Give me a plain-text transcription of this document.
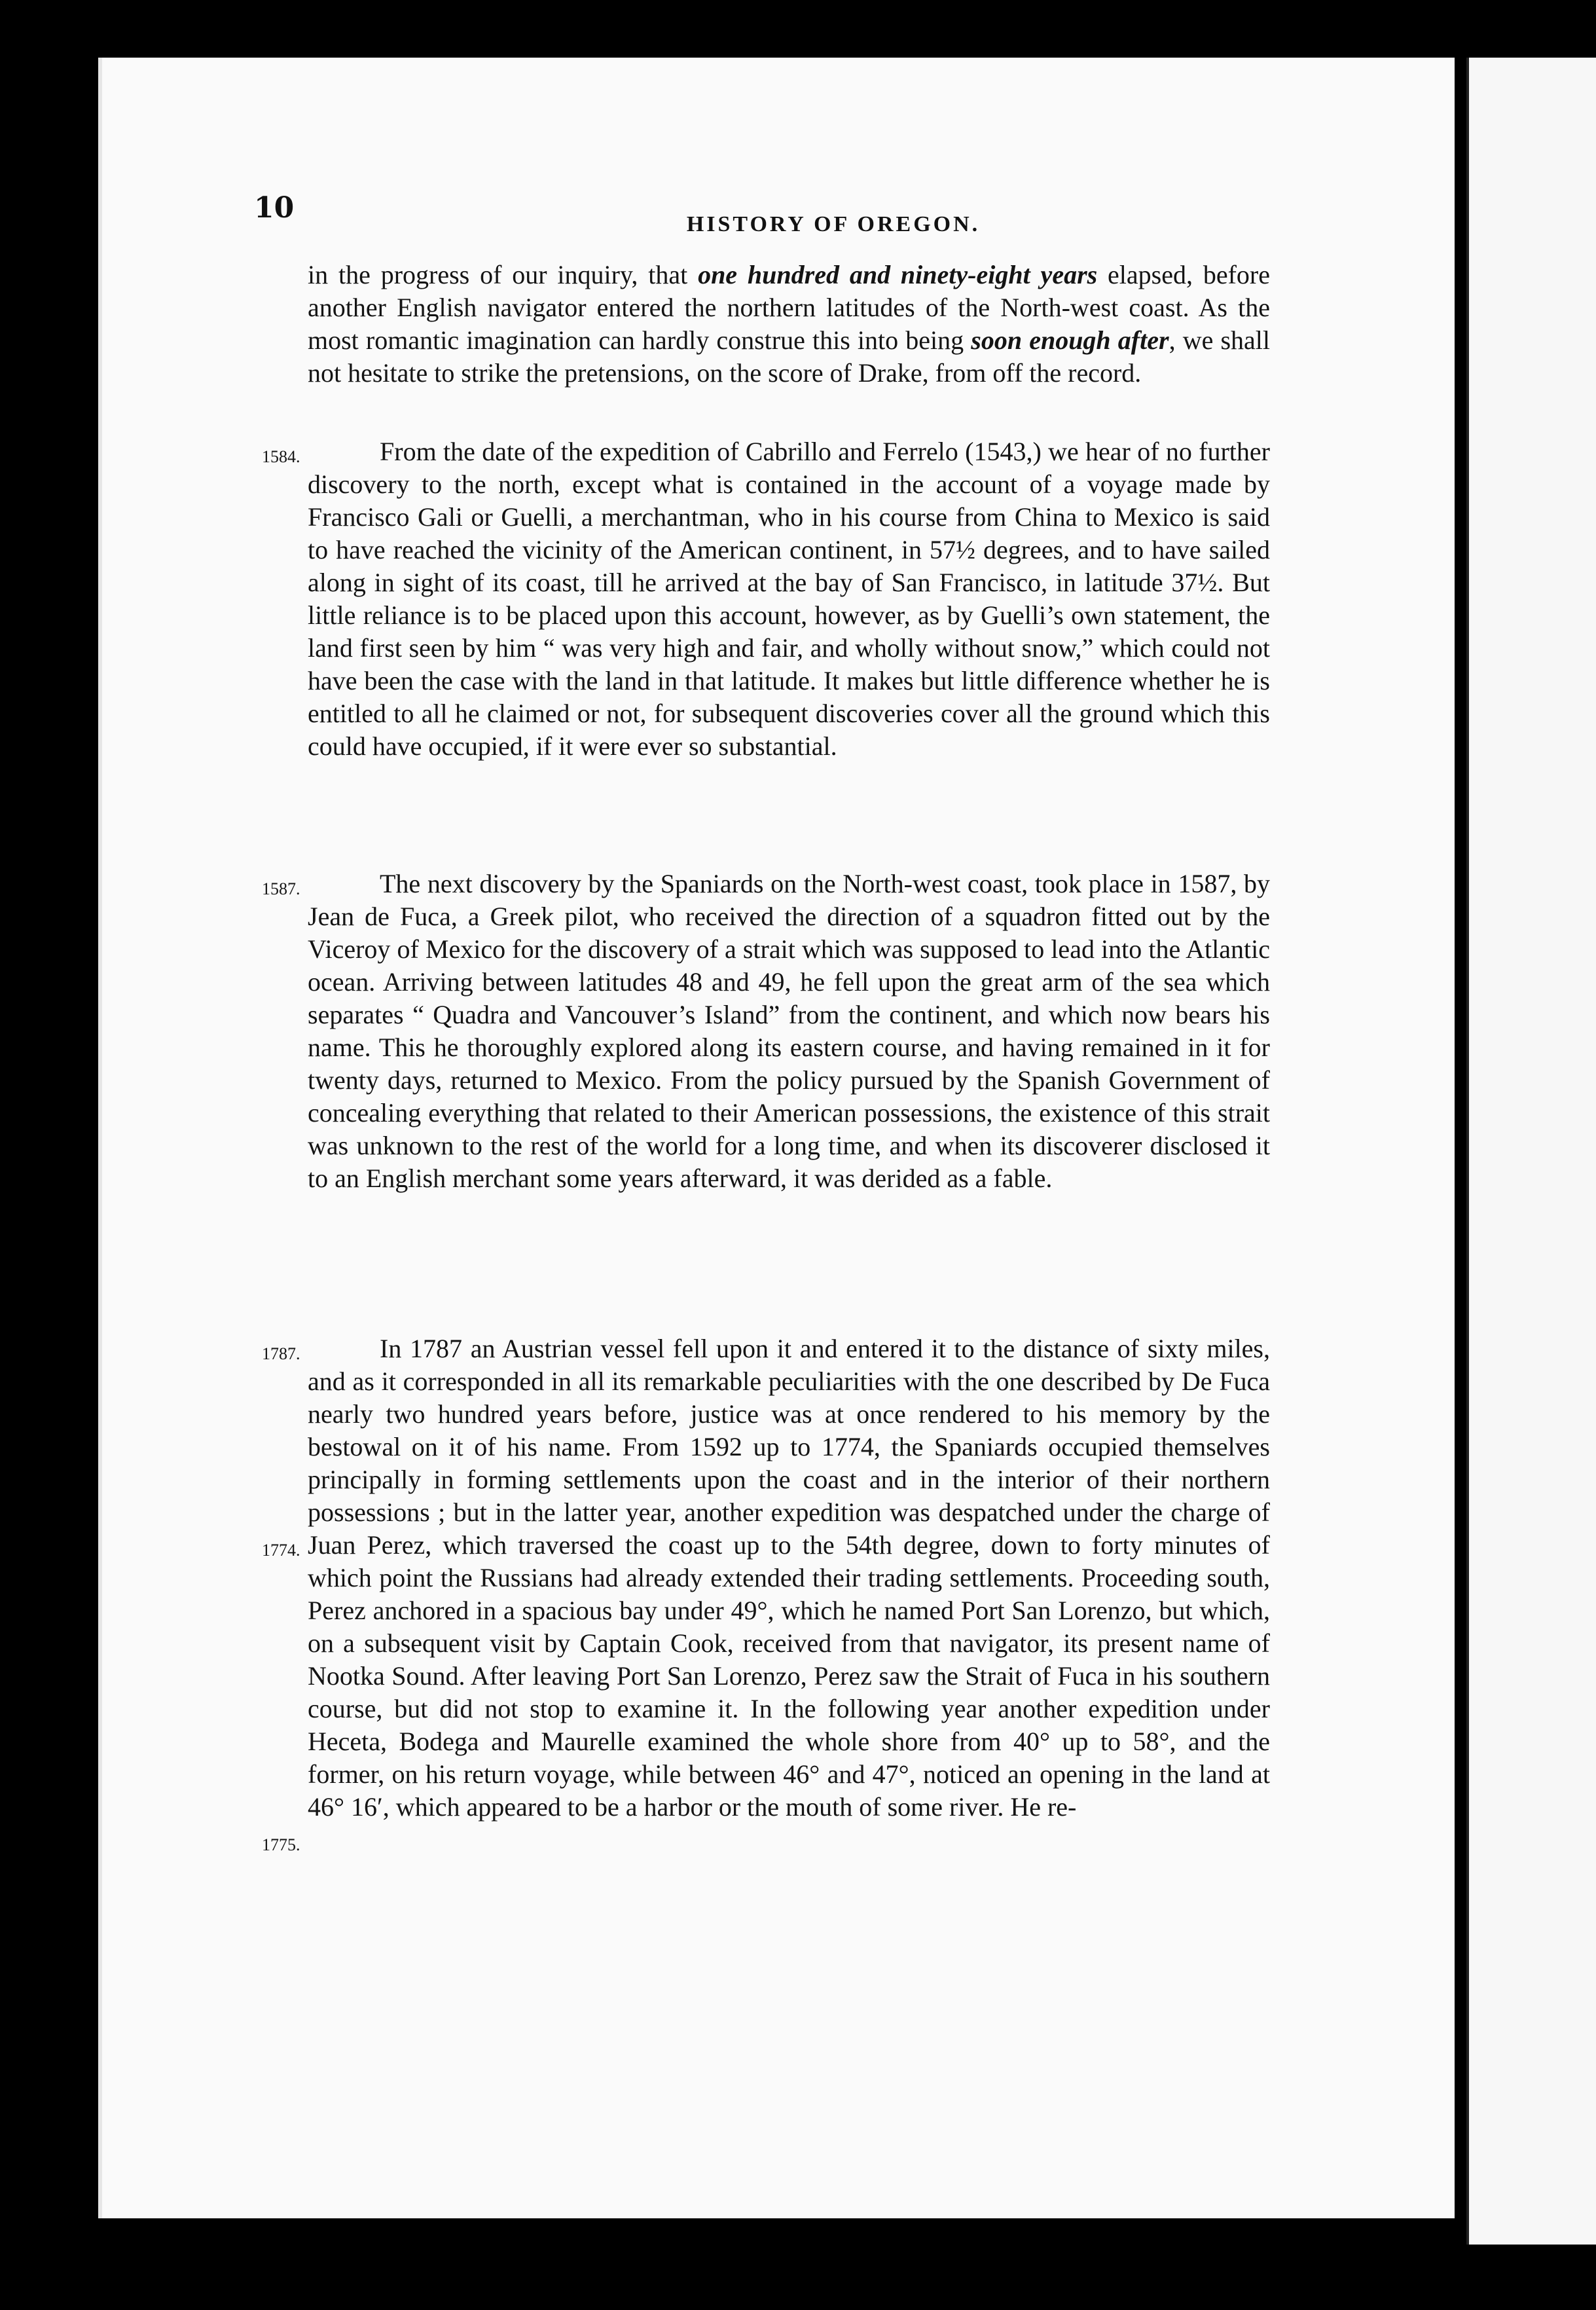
10	HISTORY OF OREGON.

in the progress of our inquiry, that one hundred and ninety-eight years elapsed, before another English navigator entered the northern latitudes of the North-west coast. As the most romantic imagination can hardly construe this into being soon enough after, we shall not hesitate to strike the pretensions, on the score of Drake, from off the record.

1584.	From the date of the expedition of Cabrillo and Ferrelo (1543,) we hear of no further discovery to the north, except what is contained in the account of a voyage made by Francisco Gali or Guelli, a merchantman, who in his course from China to Mexico is said to have reached the vicinity of the American continent, in 57½ degrees, and to have sailed along in sight of its coast, till he arrived at the bay of San Francisco, in latitude 37½. But little reliance is to be placed upon this account, however, as by Guelli’s own statement, the land first seen by him “ was very high and fair, and wholly without snow,” which could not have been the case with the land in that latitude. It makes but little difference whether he is entitled to all he claimed or not, for subsequent discoveries cover all the ground which this could have occupied, if it were ever so substantial.

1587.	The next discovery by the Spaniards on the North-west coast, took place in 1587, by Jean de Fuca, a Greek pilot, who received the direction of a squadron fitted out by the Viceroy of Mexico for the discovery of a strait which was supposed to lead into the Atlantic ocean. Arriving between latitudes 48 and 49, he fell upon the great arm of the sea which separates “ Quadra and Vancouver’s Island” from the continent, and which now bears his name. This he thoroughly explored along its eastern course, and having remained in it for twenty days, returned to Mexico. From the policy pursued by the Spanish Government of concealing everything that related to their American possessions, the existence of this strait was unknown to the rest of the world for a long time, and when its discoverer disclosed it to an English merchant some years afterward, it was derided as a fable.

1787.
1774.
1775.

In 1787 an Austrian vessel fell upon it and entered it to the distance of sixty miles, and as it corresponded in all its remarkable peculiarities with the one described by De Fuca nearly two hundred years before, justice was at once rendered to his memory by the bestowal on it of his name. From 1592 up to 1774, the Spaniards occupied themselves principally in forming settlements upon the coast and in the interior of their northern possessions ; but in the latter year, another expedition was despatched under the charge of Juan Perez, which traversed the coast up to the 54th degree, down to forty minutes of which point the Russians had already extended their trading settlements. Proceeding south, Perez anchored in a spacious bay under 49°, which he named Port San Lorenzo, but which, on a subsequent visit by Captain Cook, received from that navigator, its present name of Nootka Sound. After leaving Port San Lorenzo, Perez saw the Strait of Fuca in his southern course, but did not stop to examine it. In the following year another expedition under Heceta, Bodega and Maurelle examined the whole shore from 40° up to 58°, and the former, on his return voyage, while between 46° and 47°, noticed an opening in the land at 46° 16′, which appeared to be a harbor or the mouth of some river. He re-
